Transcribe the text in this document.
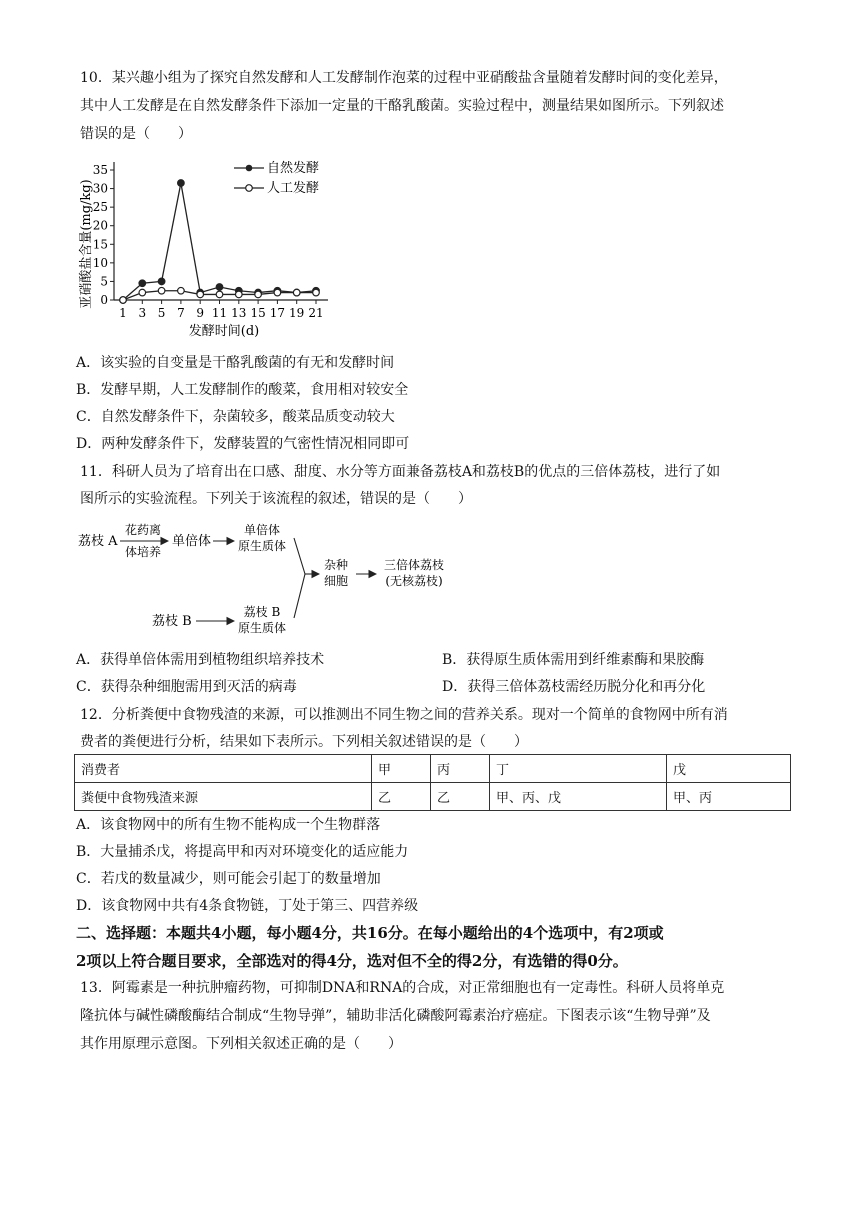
10．某兴趣小组为了探究自然发酵和人工发酵制作泡菜的过程中亚硝酸盐含量随着发酵时间的变化差异，
其中人工发酵是在自然发酵条件下添加一定量的干酪乳酸菌。实验过程中，测量结果如图所示。下列叙述
错误的是（　　）
0
5
10
15
20
25
30
35
1 3 5 7 9 11 13 15 17 19 21
亚硝酸盐含量(mg/kg)
发酵时间(d)
自然发酵
人工发酵
A．该实验的自变量是干酪乳酸菌的有无和发酵时间
B．发酵早期，人工发酵制作的酸菜，食用相对较安全
C．自然发酵条件下，杂菌较多，酸菜品质变动较大
D．两种发酵条件下，发酵装置的气密性情况相同即可
11．科研人员为了培育出在口感、甜度、水分等方面兼备荔枝A和荔枝B的优点的三倍体荔枝，进行了如
图所示的实验流程。下列关于该流程的叙述，错误的是（　　）
荔枝 A
花药离
体培养
单倍体
单倍体
原生质体
杂种
细胞
三倍体荔枝
(无核荔枝)
荔枝 B
荔枝 B
原生质体
A．获得单倍体需用到植物组织培养技术	B．获得原生质体需用到纤维素酶和果胶酶
C．获得杂种细胞需用到灭活的病毒	D．获得三倍体荔枝需经历脱分化和再分化
12．分析粪便中食物残渣的来源，可以推测出不同生物之间的营养关系。现对一个简单的食物网中所有消
费者的粪便进行分析，结果如下表所示。下列相关叙述错误的是（　　）
消费者	甲	丙	丁	戊
粪便中食物残渣来源	乙	乙	甲、丙、戊	甲、丙
A．该食物网中的所有生物不能构成一个生物群落
B．大量捕杀戊，将提高甲和丙对环境变化的适应能力
C．若戊的数量减少，则可能会引起丁的数量增加
D．该食物网中共有4条食物链，丁处于第三、四营养级
二、选择题：本题共4小题，每小题4分，共16分。在每小题给出的4个选项中，有2项或
2项以上符合题目要求，全部选对的得4分，选对但不全的得2分，有选错的得0分。
13．阿霉素是一种抗肿瘤药物，可抑制DNA和RNA的合成，对正常细胞也有一定毒性。科研人员将单克
隆抗体与碱性磷酸酶结合制成“生物导弹”，辅助非活化磷酸阿霉素治疗癌症。下图表示该“生物导弹”及
其作用原理示意图。下列相关叙述正确的是（　　）
